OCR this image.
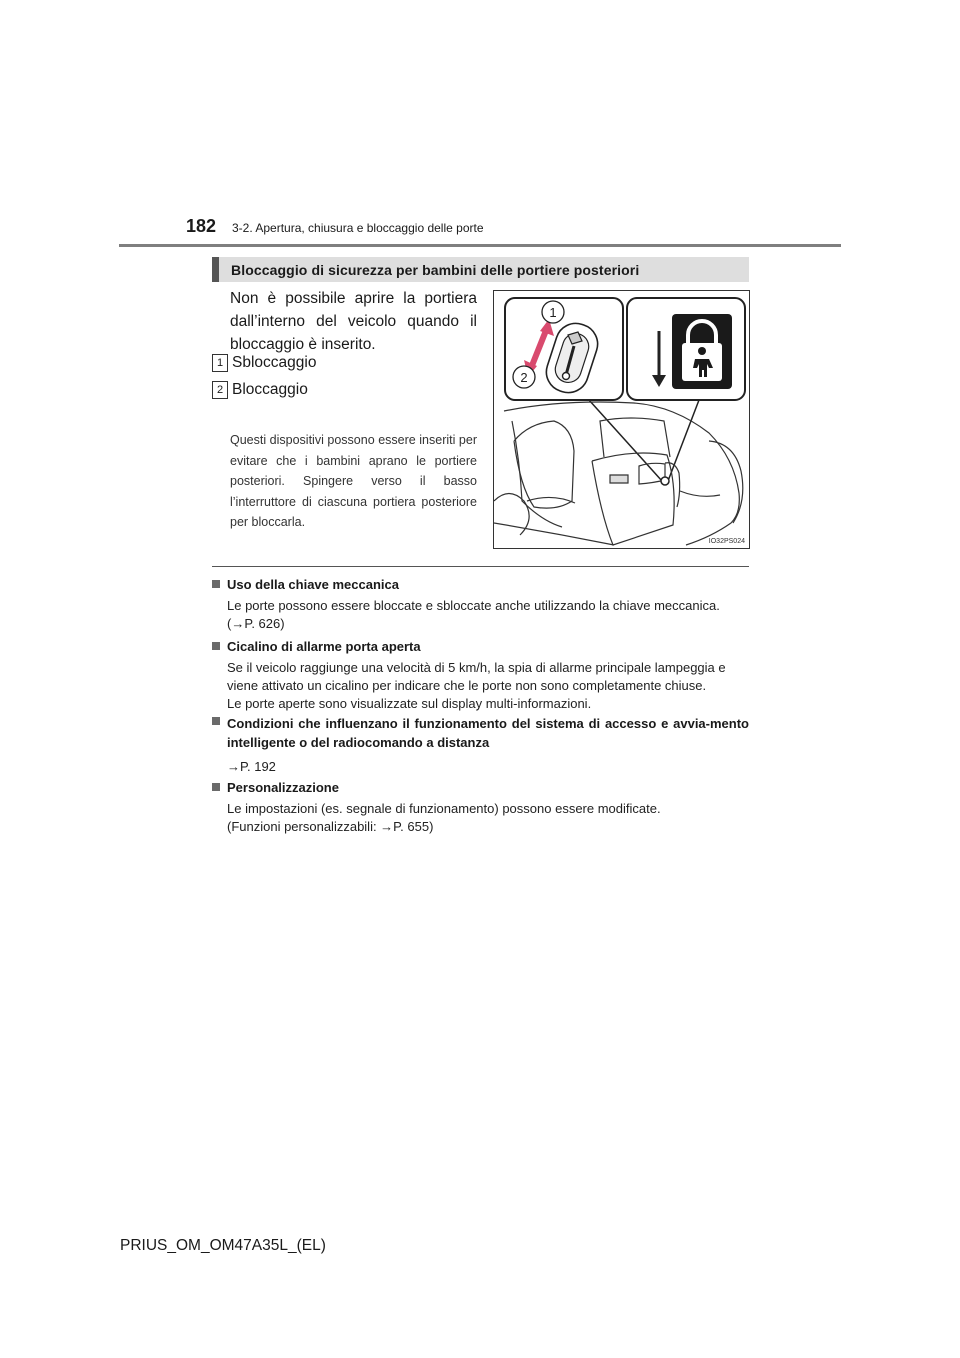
182 3-2. Apertura, chiusura e bloccaggio delle porte
Bloccaggio di sicurezza per bambini delle portiere posteriori
Non è possibile aprire la portiera dall’interno del veicolo quando il bloccaggio è inserito.
1 Sbloccaggio
2 Bloccaggio
Questi dispositivi possono essere inseriti per evitare che i bambini aprano le portiere posteriori. Spingere verso il basso l’interruttore di ciascuna portiera posteriore per bloccarla.
1
2
IO32PS024
Uso della chiave meccanica
Le porte possono essere bloccate e sbloccate anche utilizzando la chiave meccanica.
(→P. 626)
Cicalino di allarme porta aperta
Se il veicolo raggiunge una velocità di 5 km/h, la spia di allarme principale lampeggia e
viene attivato un cicalino per indicare che le porte non sono completamente chiuse.
Le porte aperte sono visualizzate sul display multi-informazioni.
Condizioni che influenzano il funzionamento del sistema di accesso e avvia-mento intelligente o del radiocomando a distanza
→P. 192
Personalizzazione
Le impostazioni (es. segnale di funzionamento) possono essere modificate.
(Funzioni personalizzabili: →P. 655)
PRIUS_OM_OM47A35L_(EL)
